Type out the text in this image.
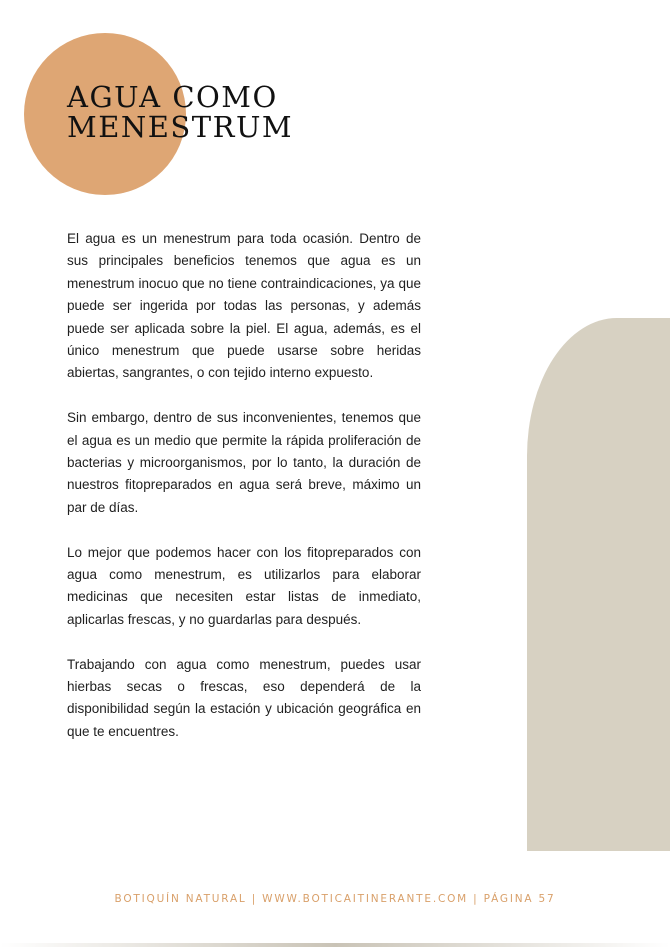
AGUA COMO
MENESTRUM

El agua es un menestrum para toda ocasión. Dentro de sus principales beneficios tenemos que agua es un menestrum inocuo que no tiene contraindicaciones, ya que puede ser ingerida por todas las personas, y además puede ser aplicada sobre la piel. El agua, además, es el único menestrum que puede usarse sobre heridas abiertas, sangrantes, o con tejido interno expuesto.

Sin embargo, dentro de sus inconvenientes, tenemos que el agua es un medio que permite la rápida proliferación de bacterias y microorganismos, por lo tanto, la duración de nuestros fitopreparados en agua será breve, máximo un par de días.

Lo mejor que podemos hacer con los fitopreparados con agua como menestrum, es utilizarlos para elaborar medicinas que necesiten estar listas de inmediato, aplicarlas frescas, y no guardarlas para después.

Trabajando con agua como menestrum, puedes usar hierbas secas o frescas, eso dependerá de la disponibilidad según la estación y ubicación geográfica en que te encuentres.

BOTIQUÍN NATURAL | WWW.BOTICAITINERANTE.COM | PÁGINA 57
